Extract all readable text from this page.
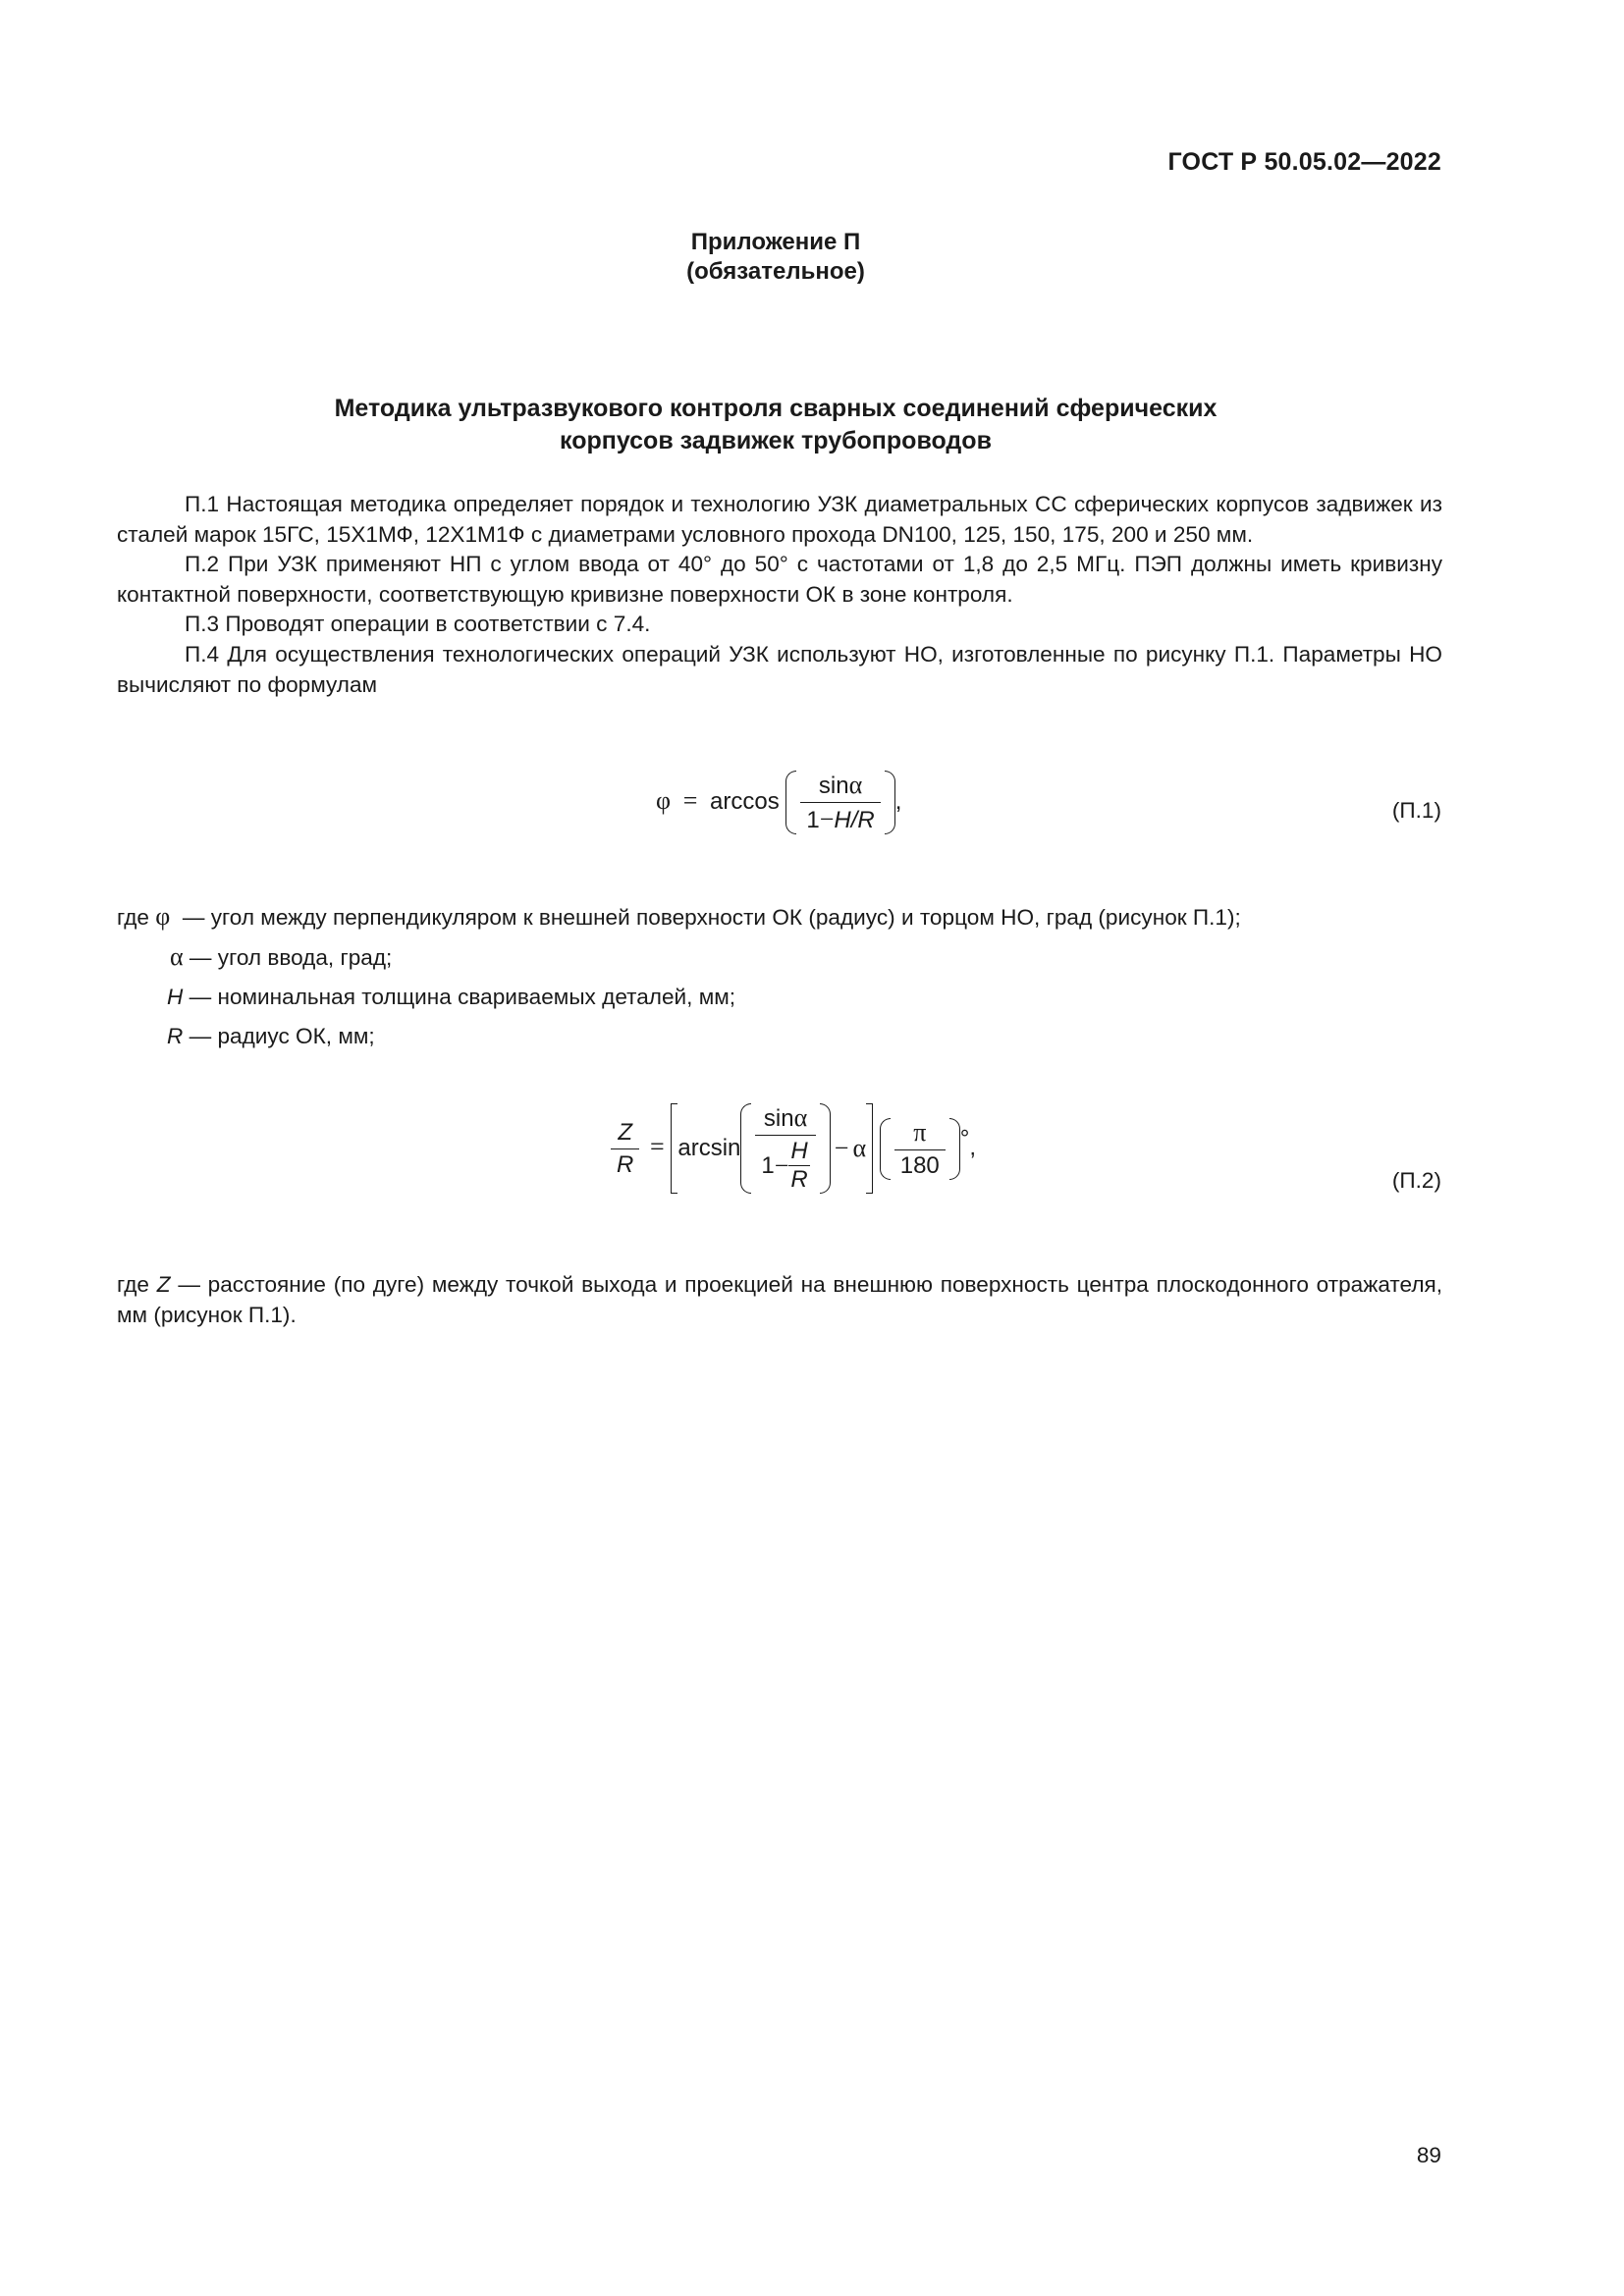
ГОСТ Р 50.05.02—2022
Приложение П
(обязательное)
Методика ультразвукового контроля сварных соединений сферических
корпусов задвижек трубопроводов

П.1 Настоящая методика определяет порядок и технологию УЗК диаметральных СС сферических корпусов задвижек из сталей марок 15ГС, 15Х1МФ, 12Х1М1Ф с диаметрами условного прохода DN100, 125, 150, 175, 200 и 250 мм.

П.2 При УЗК применяют НП с углом ввода от 40° до 50° с частотами от 1,8 до 2,5 МГц. ПЭП должны иметь кривизну контактной поверхности, соответствующую кривизне поверхности ОК в зоне контроля.

П.3 Проводят операции в соответствии с 7.4.

П.4 Для осуществления технологических операций УЗК используют НО, изготовленные по рисунку П.1. Параметры НО вычисляют по формулам

$\varphi = \arccos \frac{\sin\alpha}{1-H/R}$ ,	(П.1)
где φ — угол между перпендикуляром к внешней поверхности ОК (радиус) и торцом НО, град (рисунок П.1);
α — угол ввода, град;
H — номинальная толщина свариваемых деталей, мм;
R — радиус ОК, мм;
$\frac{Z}{R} = \arcsin \frac{\sin\alpha}{1 - \frac{H}{R}} - \alpha$
$\frac{\pi}{180}$ °,
(П.2)

где Z — расстояние (по дуге) между точкой выхода и проекцией на внешнюю поверхность центра плоскодонного отражателя, мм (рисунок П.1).

89
